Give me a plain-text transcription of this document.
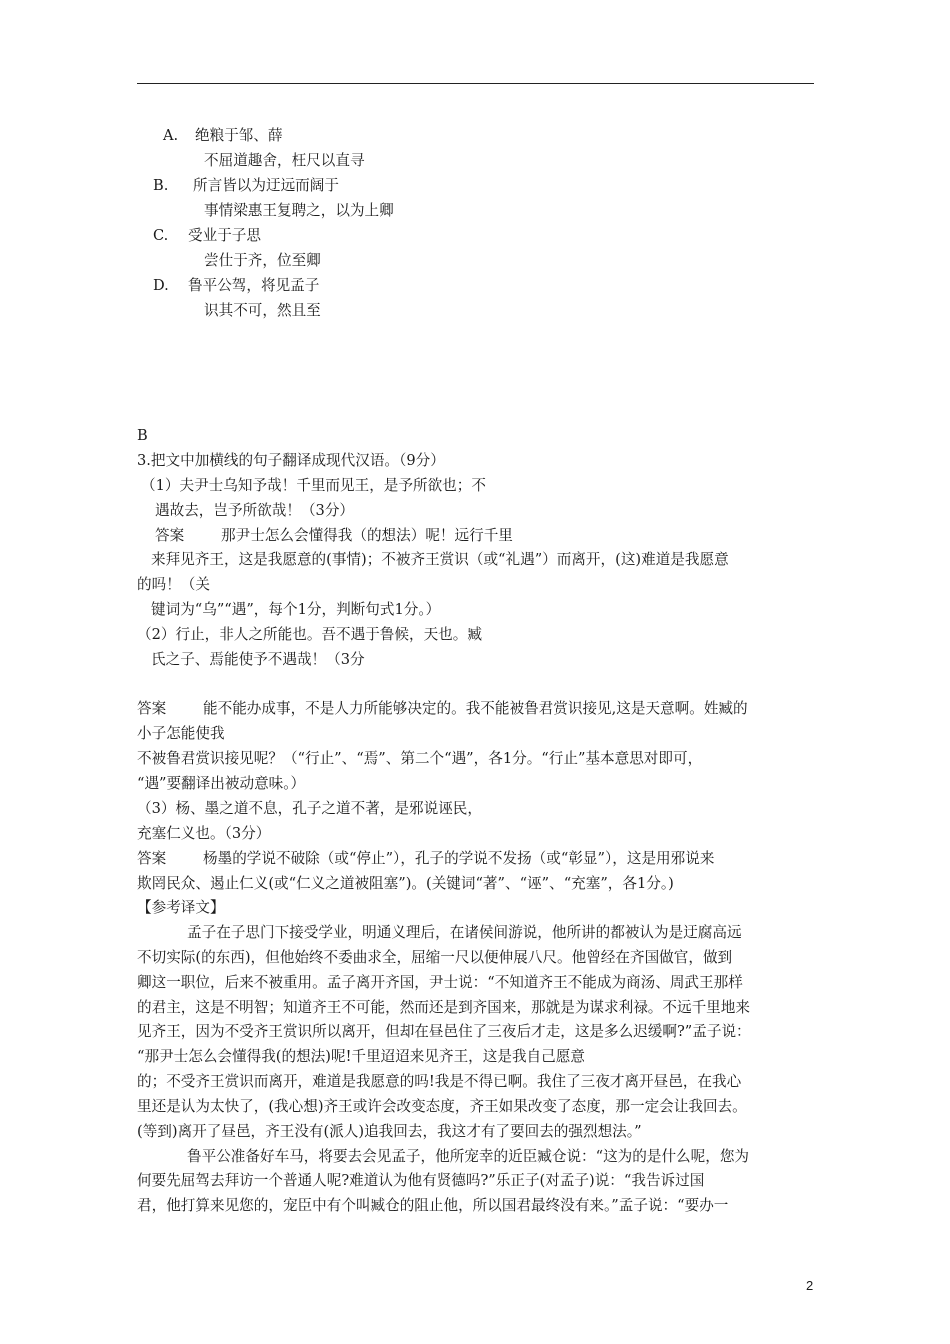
A. 绝粮于邹、薛
不屈道趣舍，枉尺以直寻
B. 所言皆以为迂远而阔于
事情梁惠王复聘之，以为上卿
C. 受业于子思
尝仕于齐，位至卿
D. 鲁平公驾，将见孟子
识其不可，然且至
B
3.把文中加横线的句子翻译成现代汉语。（9分）
（1）夫尹士乌知予哉！千里而见王，是予所欲也；不
遇故去，岂予所欲哉！（3分）
答案	那尹士怎么会懂得我（的想法）呢！远行千里
来拜见齐王，这是我愿意的(事情)；不被齐王赏识（或“礼遇”）而离开，(这)难道是我愿意
的吗！（关
键词为“乌”“遇”，每个1分，判断句式1分。）
（2）行止，非人之所能也。吾不遇于鲁候，天也。臧
氏之子、焉能使予不遇哉！（3分
答案	能不能办成事，不是人力所能够决定的。我不能被鲁君赏识接见,这是天意啊。姓臧的
小子怎能使我
不被鲁君赏识接见呢？（“行止”、“焉”、第二个“遇”，各1分。“行止”基本意思对即可，
“遇”要翻译出被动意味。）
（3）杨、墨之道不息，孔子之道不著，是邪说诬民，
充塞仁义也。（3分）
答案	杨墨的学说不破除（或“停止”），孔子的学说不发扬（或“彰显”），这是用邪说来
欺罔民众、遏止仁义(或“仁义之道被阻塞”)。(关键词“著”、“诬”、“充塞”，各1分。)
【参考译文】
孟子在子思门下接受学业，明通义理后，在诸侯间游说，他所讲的都被认为是迂腐高远
不切实际(的东西)，但他始终不委曲求全，屈缩一尺以便伸展八尺。他曾经在齐国做官，做到
卿这一职位，后来不被重用。孟子离开齐国，尹士说：“不知道齐王不能成为商汤、周武王那样
的君主，这是不明智；知道齐王不可能，然而还是到齐国来，那就是为谋求利禄。不远千里地来
见齐王，因为不受齐王赏识所以离开，但却在昼邑住了三夜后才走，这是多么迟缓啊?”孟子说：
“那尹士怎么会懂得我(的想法)呢!千里迢迢来见齐王，这是我自己愿意
的；不受齐王赏识而离开，难道是我愿意的吗!我是不得已啊。我住了三夜才离开昼邑，在我心
里还是认为太快了，(我心想)齐王或许会改变态度，齐王如果改变了态度，那一定会让我回去。
(等到)离开了昼邑，齐王没有(派人)追我回去，我这才有了要回去的强烈想法。”
鲁平公准备好车马，将要去会见孟子，他所宠幸的近臣臧仓说：“这为的是什么呢，您为
何要先屈驾去拜访一个普通人呢?难道认为他有贤德吗?”乐正子(对孟子)说：“我告诉过国
君，他打算来见您的，宠臣中有个叫臧仓的阻止他，所以国君最终没有来。”孟子说：“要办一
2
